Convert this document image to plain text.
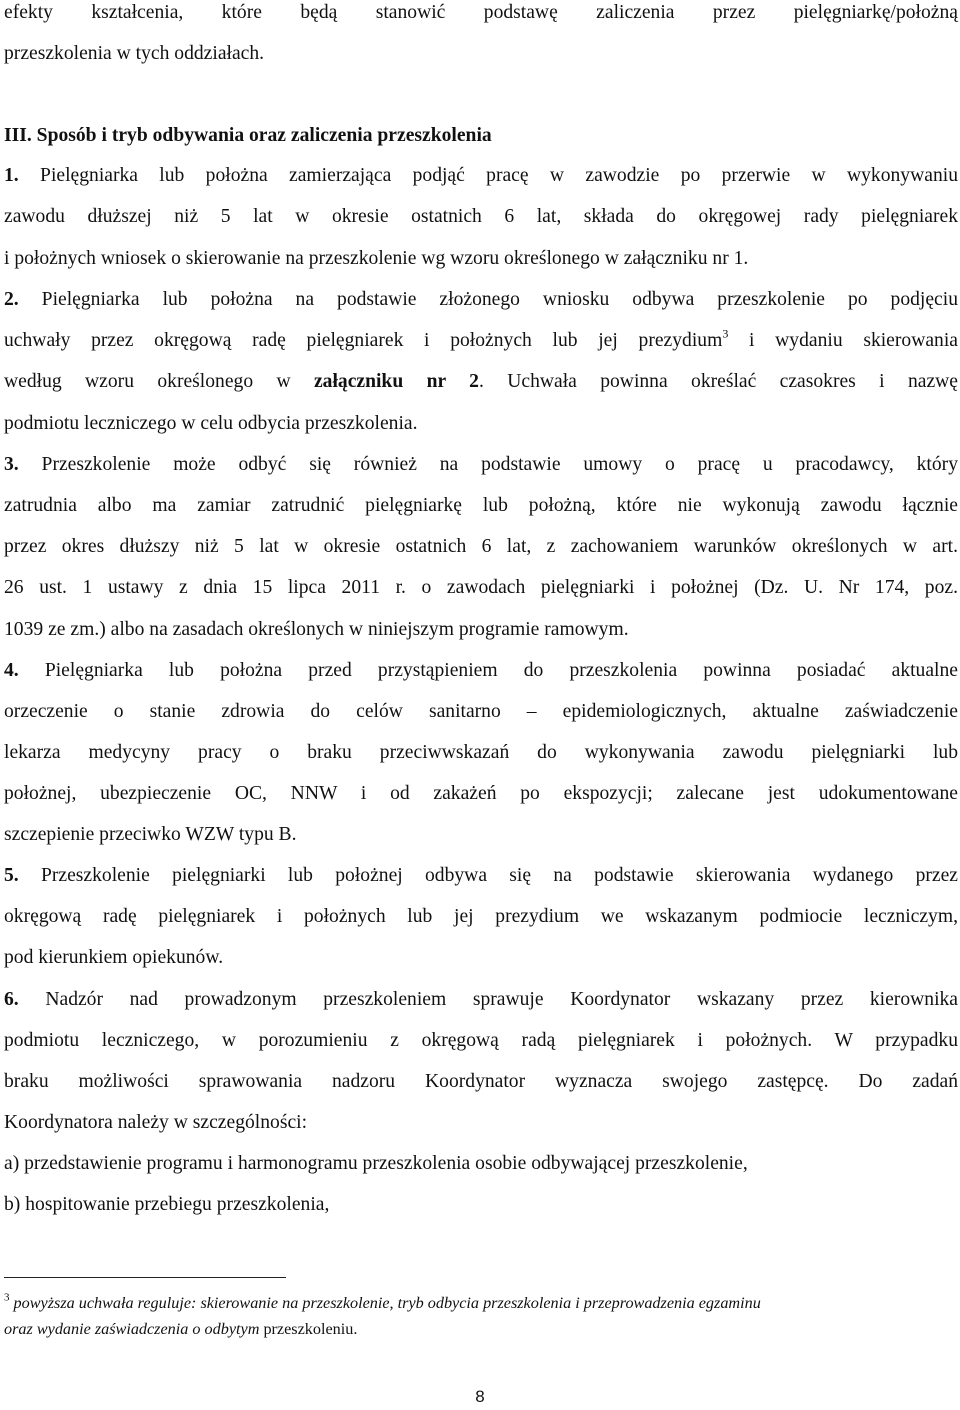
efekty kształcenia, które będą stanowić podstawę zaliczenia przez pielęgniarkę/położną
przeszkolenia w tych oddziałach.
III. Sposób i tryb odbywania oraz zaliczenia przeszkolenia
1. Pielęgniarka lub położna zamierzająca podjąć pracę w zawodzie po przerwie w wykonywaniu
zawodu dłuższej niż 5 lat w okresie ostatnich 6 lat, składa do okręgowej rady pielęgniarek
i położnych wniosek o skierowanie na przeszkolenie wg wzoru określonego w załączniku nr 1.
2. Pielęgniarka lub położna na podstawie złożonego wniosku odbywa przeszkolenie po podjęciu
uchwały przez okręgową radę pielęgniarek i położnych lub jej prezydium$^3$ i wydaniu skierowania
według wzoru określonego w załączniku nr 2. Uchwała powinna określać czasokres i nazwę
podmiotu leczniczego w celu odbycia przeszkolenia.
3. Przeszkolenie może odbyć się również na podstawie umowy o pracę u pracodawcy, który
zatrudnia albo ma zamiar zatrudnić pielęgniarkę lub położną, które nie wykonują zawodu łącznie
przez okres dłuższy niż 5 lat w okresie ostatnich 6 lat, z zachowaniem warunków określonych w art.
26 ust. 1 ustawy z dnia 15 lipca 2011 r. o zawodach pielęgniarki i położnej (Dz. U. Nr 174, poz.
1039 ze zm.) albo na zasadach określonych w niniejszym programie ramowym.
4. Pielęgniarka lub położna przed przystąpieniem do przeszkolenia powinna posiadać aktualne
orzeczenie o stanie zdrowia do celów sanitarno – epidemiologicznych, aktualne zaświadczenie
lekarza medycyny pracy o braku przeciwwskazań do wykonywania zawodu pielęgniarki lub
położnej, ubezpieczenie OC, NNW i od zakażeń po ekspozycji; zalecane jest udokumentowane
szczepienie przeciwko WZW typu B.
5. Przeszkolenie pielęgniarki lub położnej odbywa się na podstawie skierowania wydanego przez
okręgową radę pielęgniarek i położnych lub jej prezydium we wskazanym podmiocie leczniczym,
pod kierunkiem opiekunów.
6. Nadzór nad prowadzonym przeszkoleniem sprawuje Koordynator wskazany przez kierownika
podmiotu leczniczego, w porozumieniu z okręgową radą pielęgniarek i położnych. W przypadku
braku możliwości sprawowania nadzoru Koordynator wyznacza swojego zastępcę. Do zadań
Koordynatora należy w szczególności:
a) przedstawienie programu i harmonogramu przeszkolenia osobie odbywającej przeszkolenie,
b) hospitowanie przebiegu przeszkolenia,
$^3$ powyższa uchwała reguluje: skierowanie na przeszkolenie, tryb odbycia przeszkolenia i przeprowadzenia egzaminu
oraz wydanie zaświadczenia o odbytym przeszkoleniu.
8
